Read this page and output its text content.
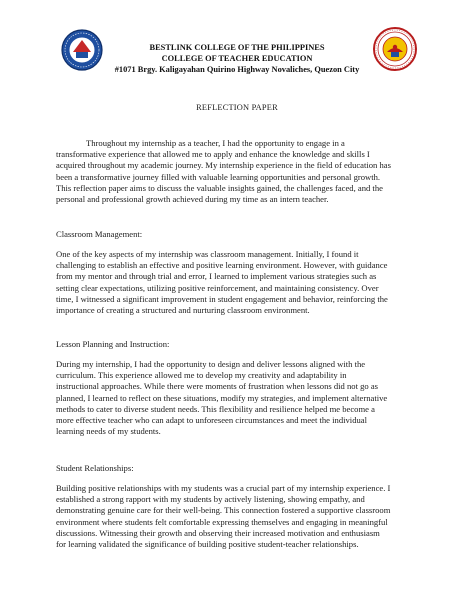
BESTLINK COLLEGE OF THE PHILIPPINES
COLLEGE OF TEACHER EDUCATION
#1071 Brgy. Kaligayahan Quirino Highway Novaliches, Quezon City
REFLECTION PAPER
Throughout my internship as a teacher, I had the opportunity to engage in a
transformative experience that allowed me to apply and enhance the knowledge and skills I
acquired throughout my academic journey. My internship experience in the field of education has
been a transformative journey filled with valuable learning opportunities and personal growth.
This reflection paper aims to discuss the valuable insights gained, the challenges faced, and the
personal and professional growth achieved during my time as an intern teacher.
Classroom Management:
One of the key aspects of my internship was classroom management. Initially, I found it
challenging to establish an effective and positive learning environment. However, with guidance
from my mentor and through trial and error, I learned to implement various strategies such as
setting clear expectations, utilizing positive reinforcement, and maintaining consistency. Over
time, I witnessed a significant improvement in student engagement and behavior, reinforcing the
importance of creating a structured and nurturing classroom environment.
Lesson Planning and Instruction:
During my internship, I had the opportunity to design and deliver lessons aligned with the
curriculum. This experience allowed me to develop my creativity and adaptability in
instructional approaches. While there were moments of frustration when lessons did not go as
planned, I learned to reflect on these situations, modify my strategies, and implement alternative
methods to cater to diverse student needs. This flexibility and resilience helped me become a
more effective teacher who can adapt to unforeseen circumstances and meet the individual
learning needs of my students.
Student Relationships:
Building positive relationships with my students was a crucial part of my internship experience. I
established a strong rapport with my students by actively listening, showing empathy, and
demonstrating genuine care for their well-being. This connection fostered a supportive classroom
environment where students felt comfortable expressing themselves and engaging in meaningful
discussions. Witnessing their growth and observing their increased motivation and enthusiasm
for learning validated the significance of building positive student-teacher relationships.
